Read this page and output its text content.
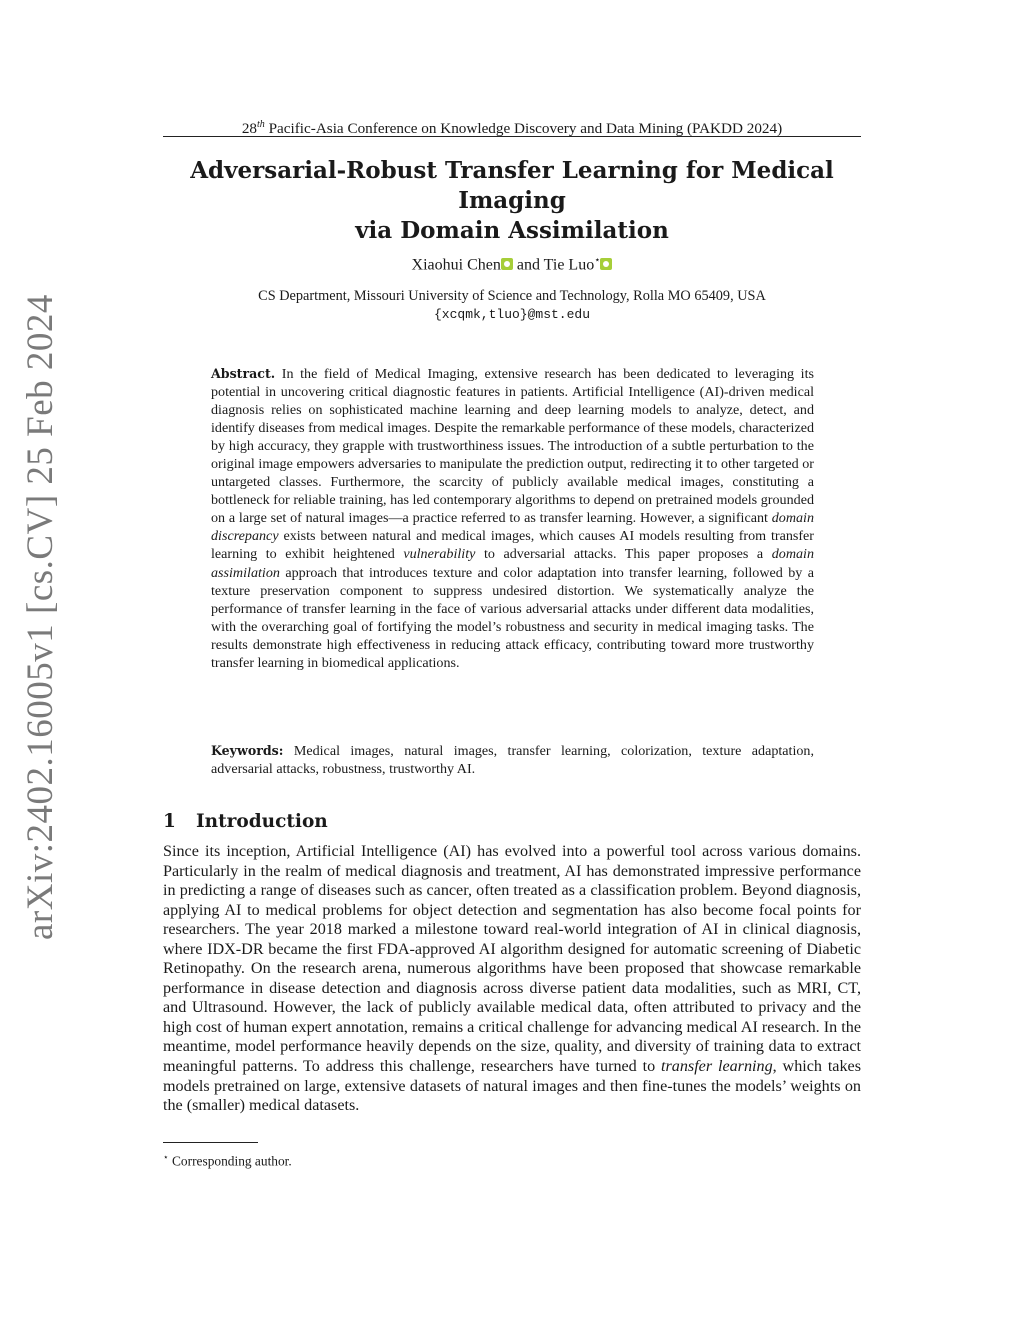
arXiv:2402.16005v1 [cs.CV] 25 Feb 2024
28th Pacific-Asia Conference on Knowledge Discovery and Data Mining (PAKDD 2024)
Adversarial-Robust Transfer Learning for Medical Imaging
via Domain Assimilation
Xiaohui Chen and Tie Luo⋆
CS Department, Missouri University of Science and Technology, Rolla MO 65409, USA
{xcqmk,tluo}@mst.edu

Abstract. In the field of Medical Imaging, extensive research has been dedicated to leveraging its potential in uncovering critical diagnostic features in patients. Artificial Intelligence (AI)-driven medical diagnosis relies on sophisticated machine learning and deep learning models to analyze, detect, and identify diseases from medical images. Despite the remarkable performance of these models, characterized by high accuracy, they grapple with trustworthiness issues. The introduction of a subtle perturbation to the original image empowers adversaries to manipulate the prediction output, redirecting it to other targeted or untargeted classes. Furthermore, the scarcity of publicly available medical images, constituting a bottleneck for reliable training, has led contemporary algorithms to depend on pretrained models grounded on a large set of natural images—a practice referred to as transfer learning. However, a significant domain discrepancy exists between natural and medical images, which causes AI models resulting from transfer learning to exhibit heightened vulnerability to adversarial attacks. This paper proposes a domain assimilation approach that introduces texture and color adaptation into transfer learning, followed by a texture preservation component to suppress undesired distortion. We systematically analyze the performance of transfer learning in the face of various adversarial attacks under different data modalities, with the overarching goal of fortifying the model’s robustness and security in medical imaging tasks. The results demonstrate high effectiveness in reducing attack efficacy, contributing toward more trustworthy transfer learning in biomedical applications.

Keywords: Medical images, natural images, transfer learning, colorization, texture adaptation, adversarial attacks, robustness, trustworthy AI.

1 Introduction

Since its inception, Artificial Intelligence (AI) has evolved into a powerful tool across various domains. Particularly in the realm of medical diagnosis and treatment, AI has demonstrated impressive performance in predicting a range of diseases such as cancer, often treated as a classification problem. Beyond diagnosis, applying AI to medical problems for object detection and segmentation has also become focal points for researchers. The year 2018 marked a milestone toward real-world integration of AI in clinical diagnosis, where IDX-DR became the first FDA-approved AI algorithm designed for automatic screening of Diabetic Retinopathy. On the research arena, numerous algorithms have been proposed that showcase remarkable performance in disease detection and diagnosis across diverse patient data modalities, such as MRI, CT, and Ultrasound. However, the lack of publicly available medical data, often attributed to privacy and the high cost of human expert annotation, remains a critical challenge for advancing medical AI research. In the meantime, model performance heavily depends on the size, quality, and diversity of training data to extract meaningful patterns. To address this challenge, researchers have turned to transfer learning, which takes models pretrained on large, extensive datasets of natural images and then fine-tunes the models’ weights on the (smaller) medical datasets.

⋆ Corresponding author.
